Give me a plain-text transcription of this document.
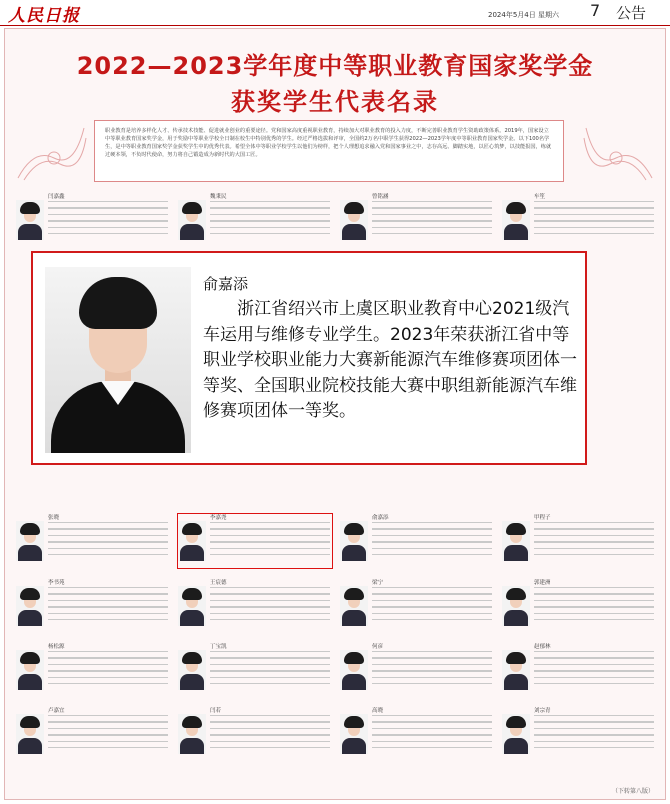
人民日报	2024年5月4日 星期六 7 公告
2022—2023学年度中等职业教育国家奖学金
获奖学生代表名录
职业教育是培养多样化人才、传承技术技能、促进就业创业的重要途径。党和国家高度重视职业教育，持续加大对职业教育的投入力度，不断完善职业教育学生资助政策体系。2019年，国家设立中等职业教育国家奖学金，用于奖励中等职业学校全日制在校生中特别优秀的学生。经过严格选拔和评审，全国约2万名中职学生获得2022—2023学年度中等职业教育国家奖学金。以下100名学生，是中等职业教育国家奖学金获奖学生中的优秀代表。希望全体中等职业学校学生以他们为榜样，把个人理想追求融入党和国家事业之中，志存高远、脚踏实地，以匠心筑梦，以技能报国，练就过硬本领，不负时代使命，努力将自己锻造成为新时代的大国工匠。
闫嘉鑫	魏秉民	曾铭涵	车笙
张晓	李嘉尧	俞嘉添	甲程子
李书苑	王宸德	梁宁	郭建洲
杨松源	丁宝凯	何彦	赵郁林
卢嘉宜	闫若	高晓	刘宗青
俞嘉添
浙江省绍兴市上虞区职业教育中心2021级汽车运用与维修专业学生。2023年荣获浙江省中等职业学校职业能力大赛新能源汽车维修赛项团体一等奖、全国职业院校技能大赛中职组新能源汽车维修赛项团体一等奖。
（下转第八版）
